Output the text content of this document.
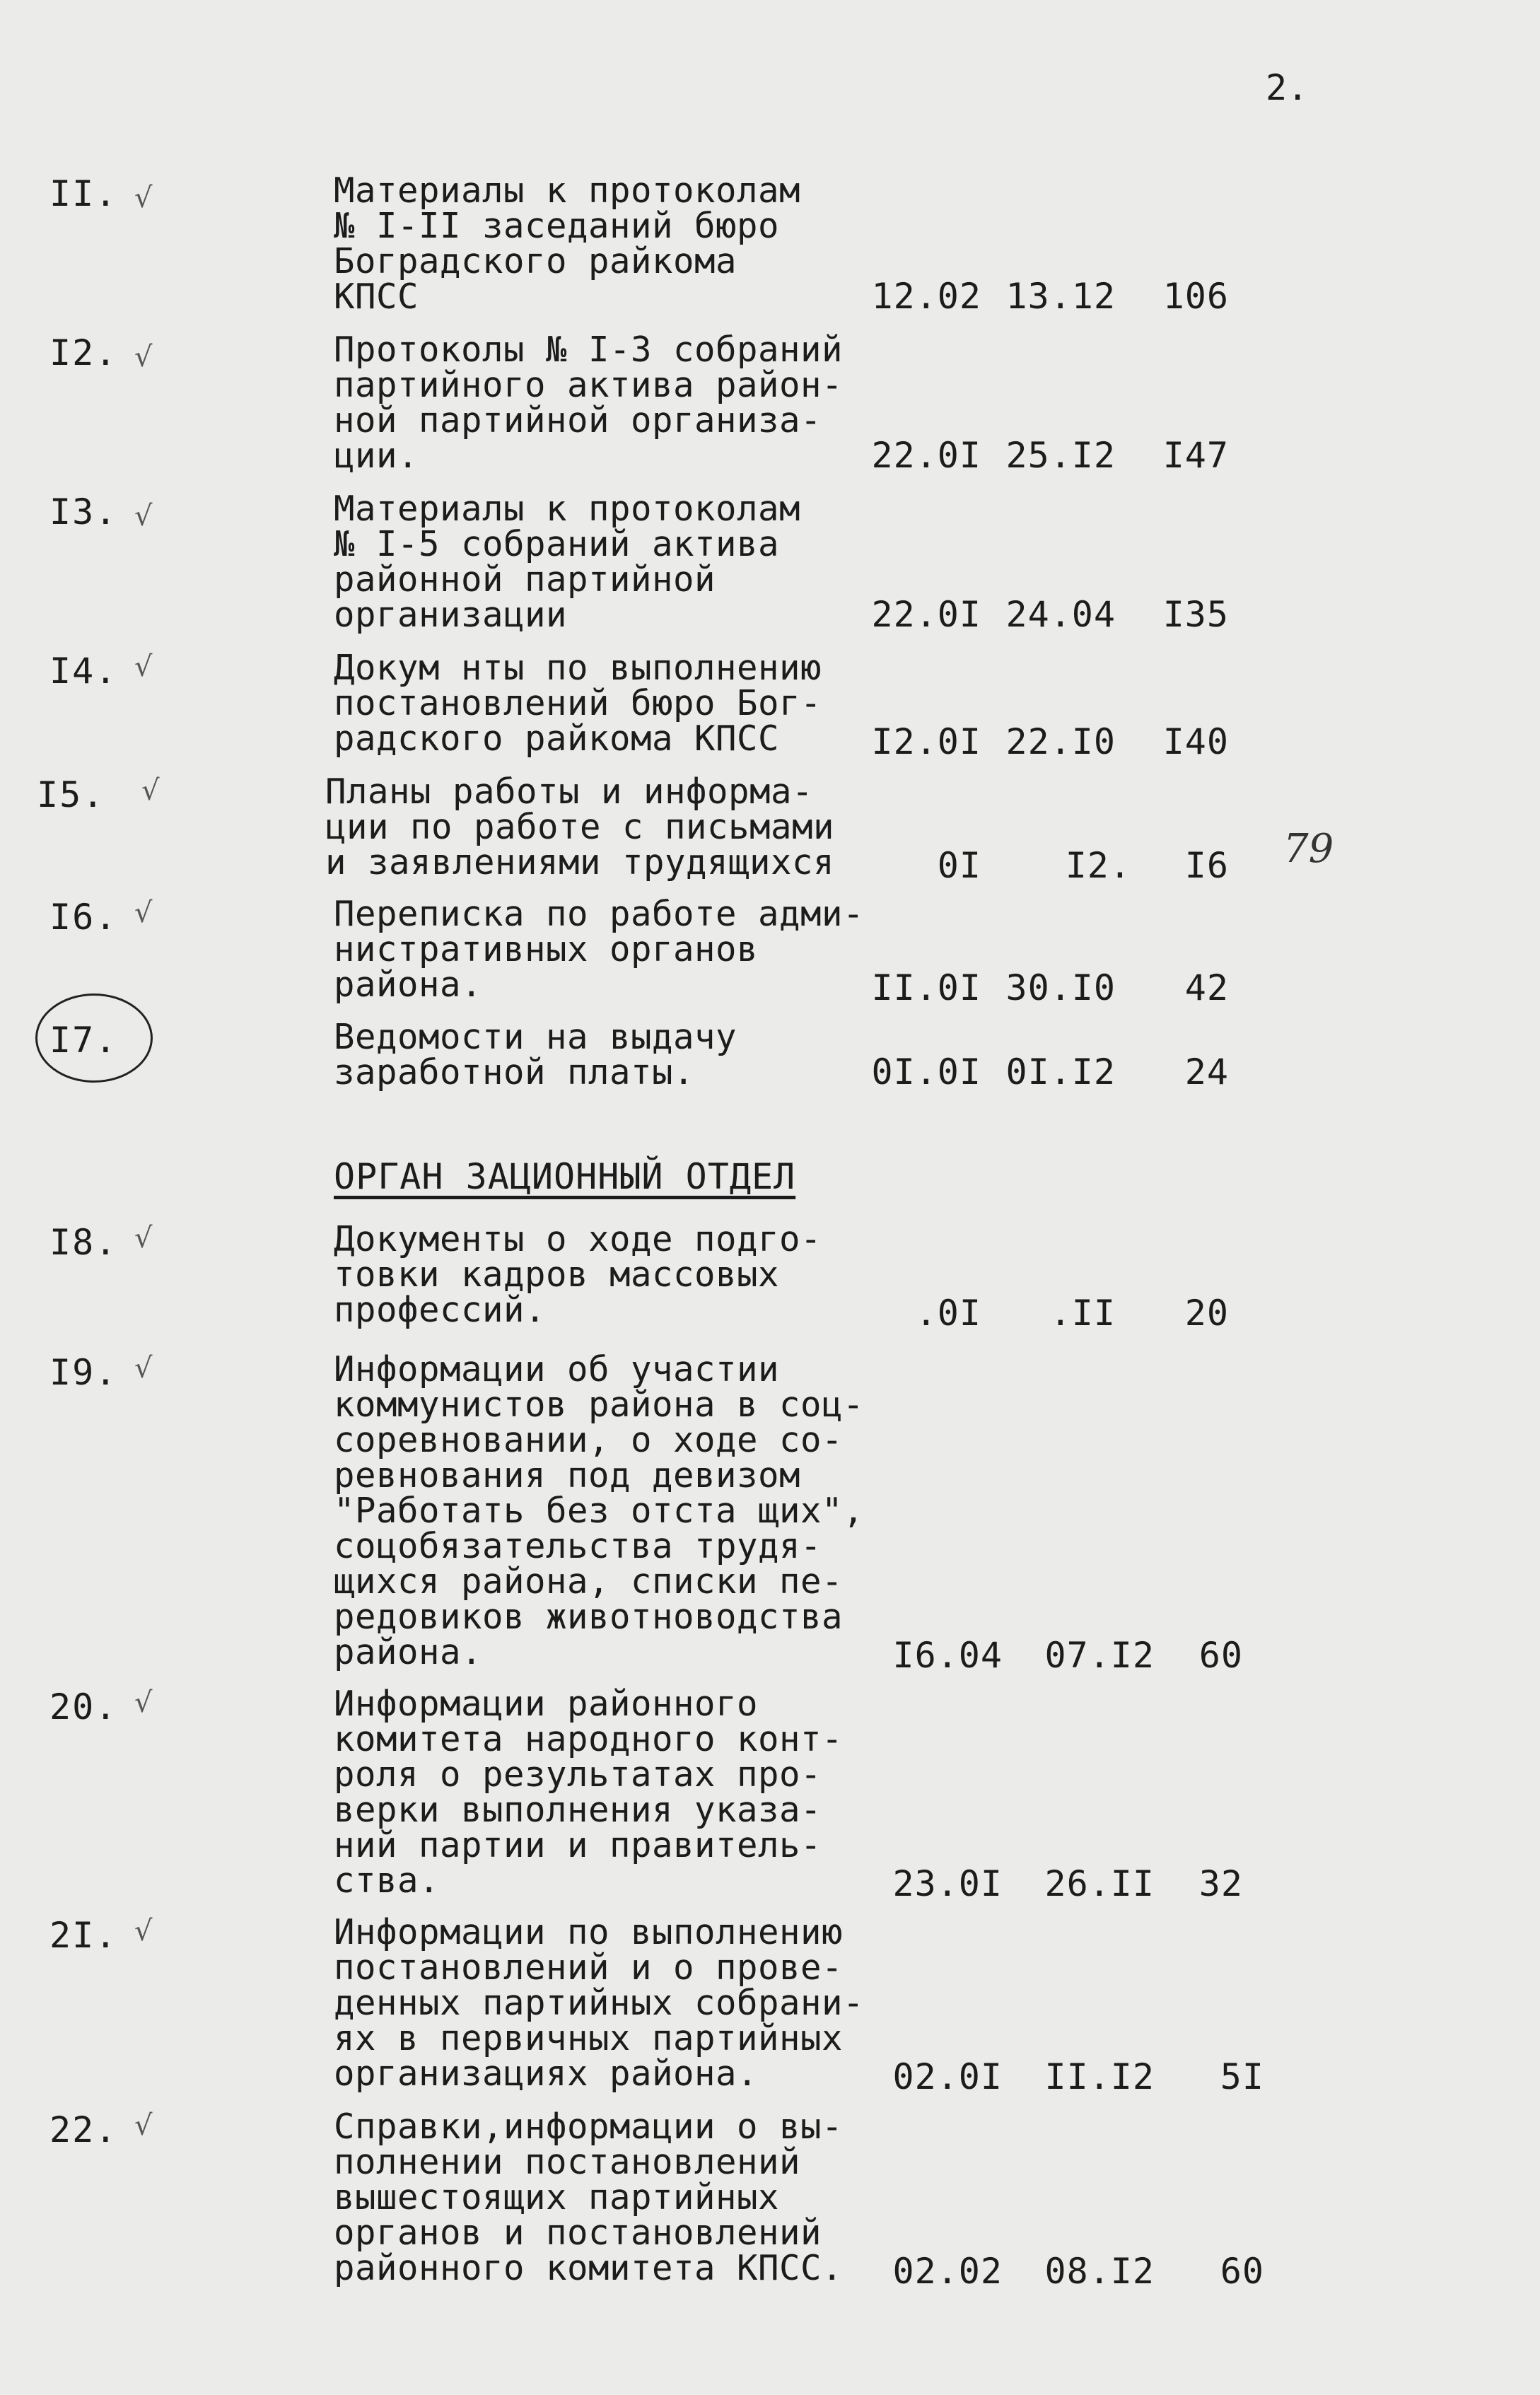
2.
II. √	Материалы к протоколам
№ I-II заседаний бюро
Боградского райкома
КПСС	12.02 13.12 106
I2. √	Протоколы № I-3 собраний
партийного актива район-
ной партийной организа-
ции.	22.0I 25.I2 I47
I3. √	Материалы к протоколам
№ I-5 собраний актива
районной партийной
организации	22.0I 24.04 I35
I4. √	Докум нты по выполнению
постановлений бюро Бог-
радского райкома КПСС	I2.0I 22.I0 I40
I5. √	Планы работы и информа-
ции по работе с письмами
и заявлениями трудящихся	0I I2. I6 79
I6. √	Переписка по работе адми-
нистративных органов
района.	II.0I 30.I0 42
I7.	Ведомости на выдачу
заработной платы.	0I.0I 0I.I2 24
ОРГАН ЗАЦИОННЫЙ ОТДЕЛ
I8. √	Документы о ходе подго-
товки кадров массовых
профессий.	.0I .II 20
I9. √	Информации об участии
коммунистов района в соц-
соревновании, о ходе со-
ревнования под девизом
"Работать без отста щих",
соцобязательства трудя-
щихся района, списки пе-
редовиков животноводства
района.	I6.04 07.I2 60
20. √	Информации районного
комитета народного конт-
роля о результатах про-
верки выполнения указа-
ний партии и правитель-
ства.	23.0I 26.II 32
2I. √	Информации по выполнению
постановлений и о прове-
денных партийных собрани-
ях в первичных партийных
организациях района.	02.0I II.I2 5I
22. √	Справки,информации о вы-
полнении постановлений
вышестоящих партийных
органов и постановлений
районного комитета КПСС.	02.02 08.I2 60
